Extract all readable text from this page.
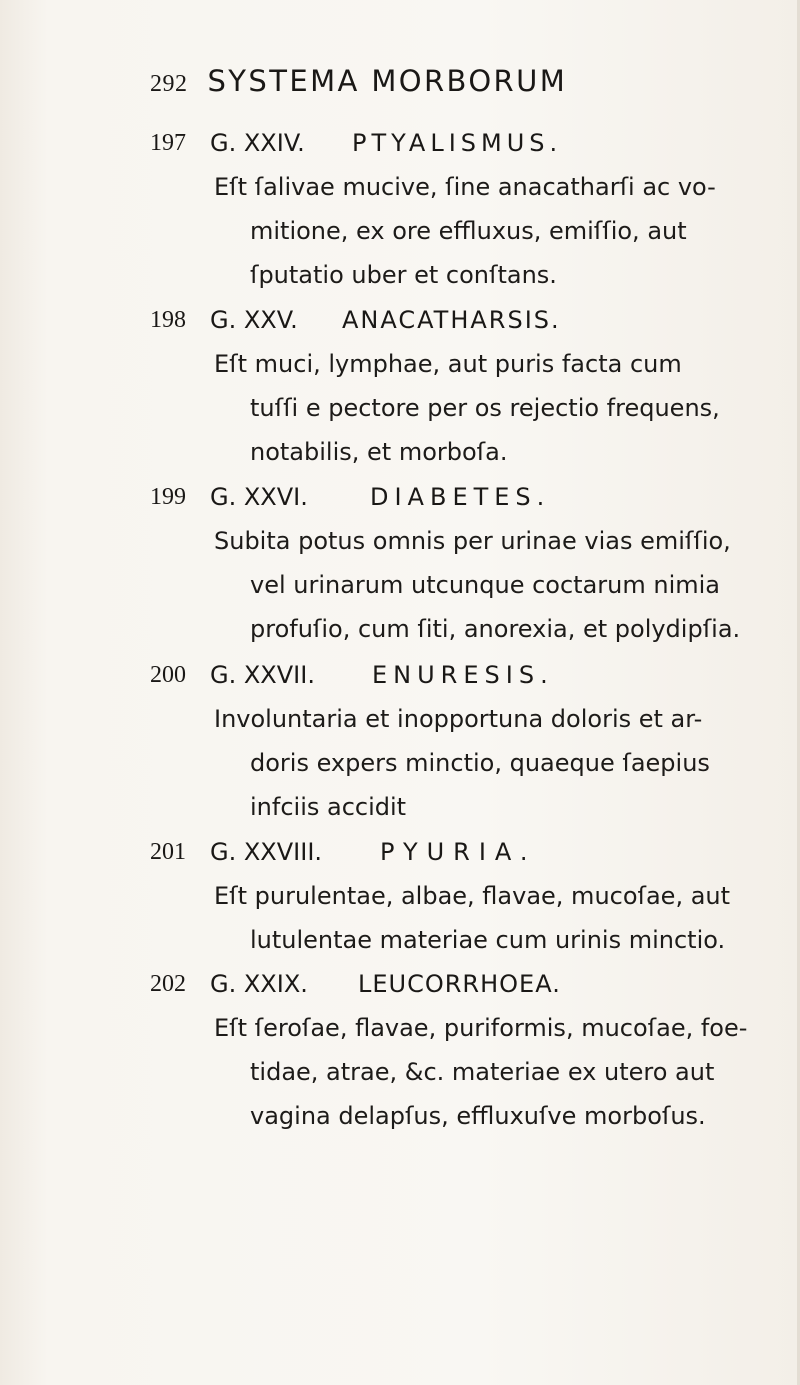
292 SYSTEMA MORBORUM
197	G. XXIV. PTYALISMUS.
Eſt ſalivae mucive, ſine anacatharſi ac vo-
mitione, ex ore effluxus, emiſſio, aut
ſputatio uber et conſtans.
198	G. XXV. ANACATHARSIS.
Eſt muci, lymphae, aut puris facta cum
tuſſi e pectore per os rejectio frequens,
notabilis, et morboſa.
199	G. XXVI.	DIABETES.
Subita potus omnis per urinae vias emiſſio,
vel urinarum utcunque coctarum nimia
profuſio, cum ſiti, anorexia, et polydipſia.
200	G. XXVII. ENURESIS.
Involuntaria et inopportuna doloris et ar-
doris expers minctio, quaeque ſaepius
infciis accidit
201	G. XXVIII. PYURIA.
Eſt purulentae, albae, flavae, mucoſae, aut
lutulentae materiae cum urinis minctio.
202	G. XXIX. LEUCORRHOEA.
Eſt ſeroſae, flavae, puriformis, mucoſae, foe-
tidae, atrae, &c. materiae ex utero aut
vagina delapſus, effluxuſve morboſus.
